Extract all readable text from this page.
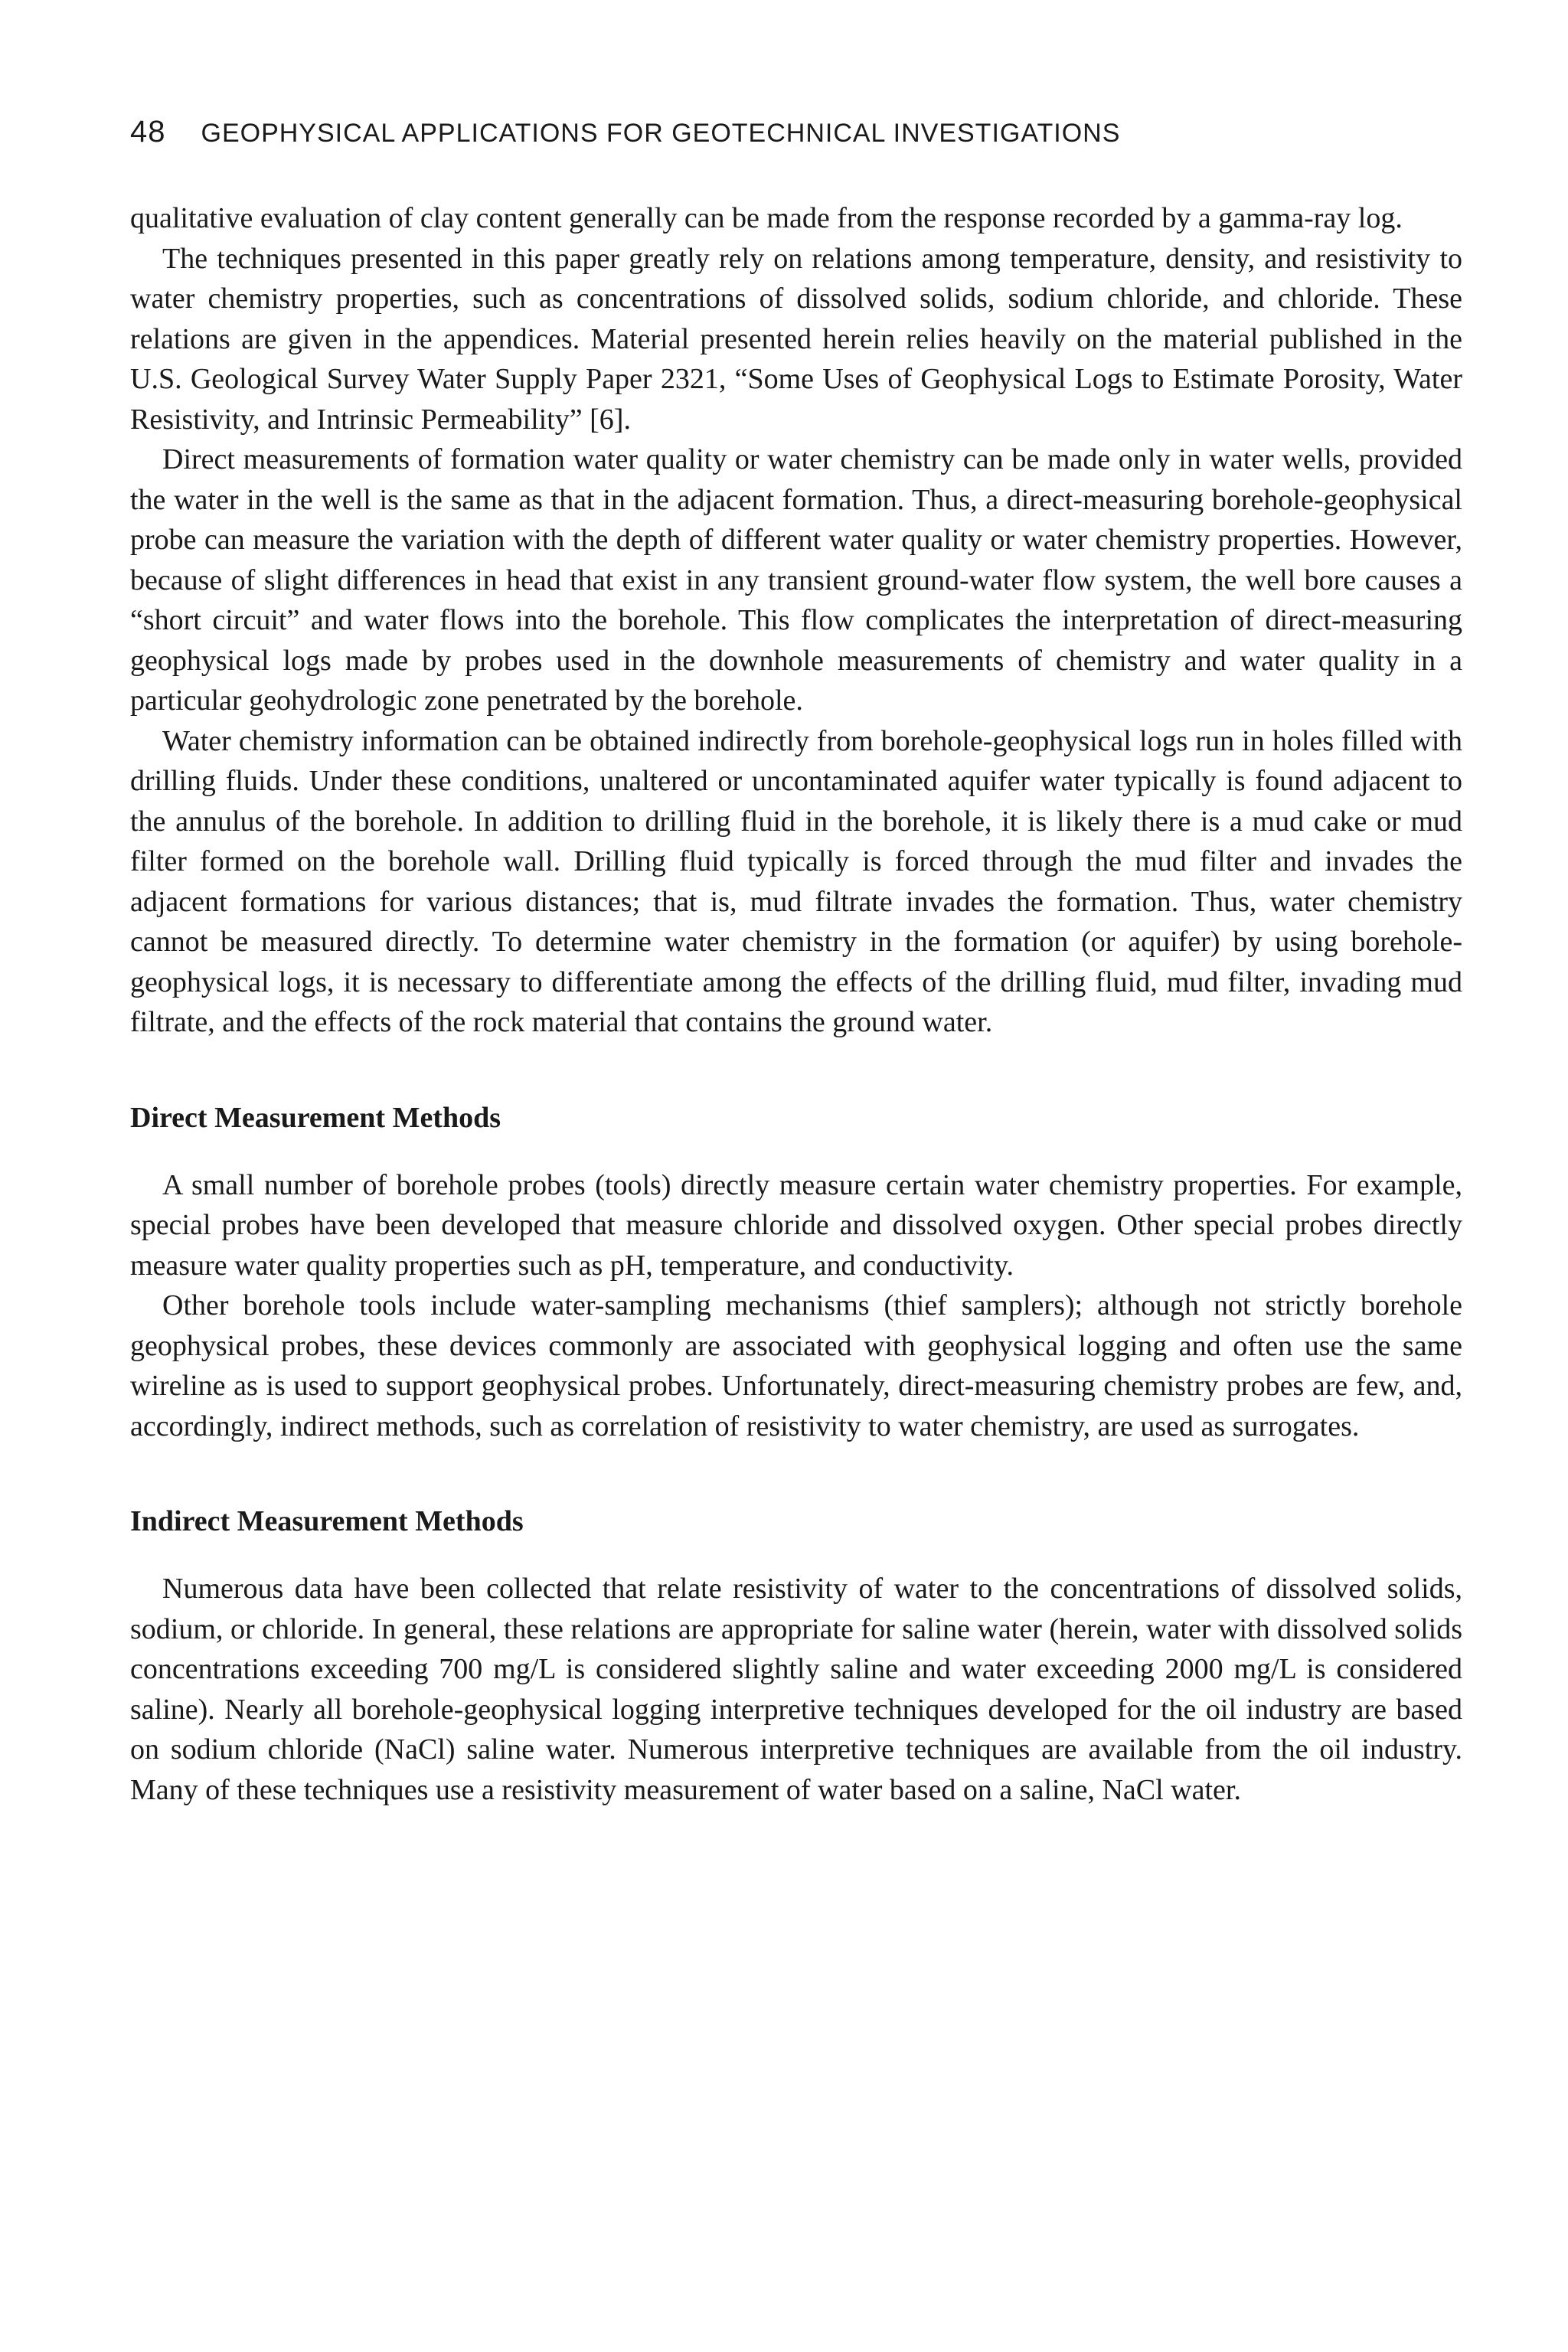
48 GEOPHYSICAL APPLICATIONS FOR GEOTECHNICAL INVESTIGATIONS

qualitative evaluation of clay content generally can be made from the response recorded by a gamma-ray log.

The techniques presented in this paper greatly rely on relations among temperature, density, and resistivity to water chemistry properties, such as concentrations of dissolved solids, sodium chloride, and chloride. These relations are given in the appendices. Material presented herein relies heavily on the material published in the U.S. Geological Survey Water Supply Paper 2321, “Some Uses of Geophysical Logs to Estimate Porosity, Water Resistivity, and Intrinsic Permeability” [6].

Direct measurements of formation water quality or water chemistry can be made only in water wells, provided the water in the well is the same as that in the adjacent formation. Thus, a direct-measuring borehole-geophysical probe can measure the variation with the depth of different water quality or water chemistry properties. However, because of slight differences in head that exist in any transient ground-water flow system, the well bore causes a “short circuit” and water flows into the borehole. This flow complicates the interpretation of direct-measuring geophysical logs made by probes used in the downhole measurements of chemistry and water quality in a particular geohydrologic zone penetrated by the borehole.

Water chemistry information can be obtained indirectly from borehole-geophysical logs run in holes filled with drilling fluids. Under these conditions, unaltered or uncontaminated aquifer water typically is found adjacent to the annulus of the borehole. In addition to drilling fluid in the borehole, it is likely there is a mud cake or mud filter formed on the borehole wall. Drilling fluid typically is forced through the mud filter and invades the adjacent formations for various distances; that is, mud filtrate invades the formation. Thus, water chemistry cannot be measured directly. To determine water chemistry in the formation (or aquifer) by using borehole-geophysical logs, it is necessary to differentiate among the effects of the drilling fluid, mud filter, invading mud filtrate, and the effects of the rock material that contains the ground water.

Direct Measurement Methods

A small number of borehole probes (tools) directly measure certain water chemistry properties. For example, special probes have been developed that measure chloride and dissolved oxygen. Other special probes directly measure water quality properties such as pH, temperature, and conductivity.

Other borehole tools include water-sampling mechanisms (thief samplers); although not strictly borehole geophysical probes, these devices commonly are associated with geophysical logging and often use the same wireline as is used to support geophysical probes. Unfortunately, direct-measuring chemistry probes are few, and, accordingly, indirect methods, such as correlation of resistivity to water chemistry, are used as surrogates.

Indirect Measurement Methods

Numerous data have been collected that relate resistivity of water to the concentrations of dissolved solids, sodium, or chloride. In general, these relations are appropriate for saline water (herein, water with dissolved solids concentrations exceeding 700 mg/L is considered slightly saline and water exceeding 2000 mg/L is considered saline). Nearly all borehole-geophysical logging interpretive techniques developed for the oil industry are based on sodium chloride (NaCl) saline water. Numerous interpretive techniques are available from the oil industry. Many of these techniques use a resistivity measurement of water based on a saline, NaCl water.
